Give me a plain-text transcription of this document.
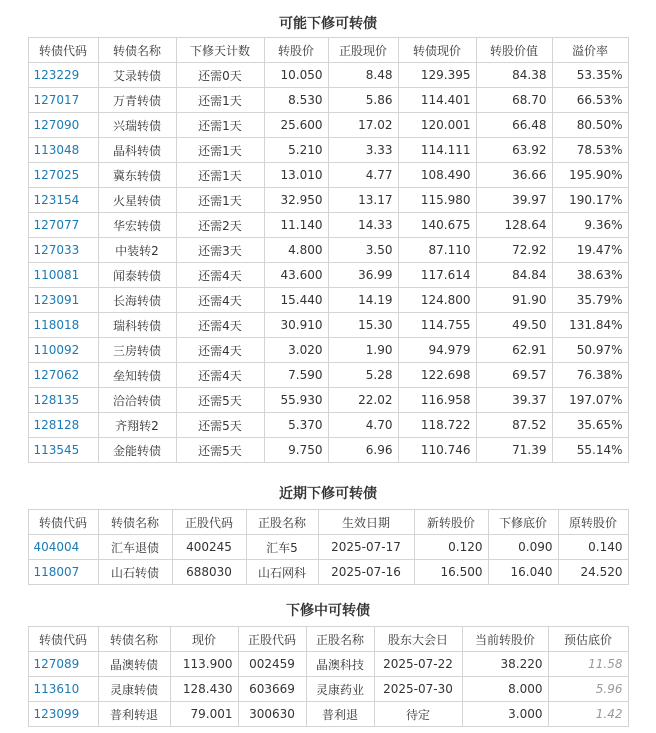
可能下修可转债
转债代码	转债名称	下修天计数	转股价	正股现价	转债现价	转股价值	溢价率
123229	艾录转债	还需0天	10.050	8.48	129.395	84.38	53.35%
127017	万青转债	还需1天	8.530	5.86	114.401	68.70	66.53%
127090	兴瑞转债	还需1天	25.600	17.02	120.001	66.48	80.50%
113048	晶科转债	还需1天	5.210	3.33	114.111	63.92	78.53%
127025	冀东转债	还需1天	13.010	4.77	108.490	36.66	195.90%
123154	火星转债	还需1天	32.950	13.17	115.980	39.97	190.17%
127077	华宏转债	还需2天	11.140	14.33	140.675	128.64	9.36%
127033	中装转2	还需3天	4.800	3.50	87.110	72.92	19.47%
110081	闻泰转债	还需4天	43.600	36.99	117.614	84.84	38.63%
123091	长海转债	还需4天	15.440	14.19	124.800	91.90	35.79%
118018	瑞科转债	还需4天	30.910	15.30	114.755	49.50	131.84%
110092	三房转债	还需4天	3.020	1.90	94.979	62.91	50.97%
127062	垒知转债	还需4天	7.590	5.28	122.698	69.57	76.38%
128135	洽洽转债	还需5天	55.930	22.02	116.958	39.37	197.07%
128128	齐翔转2	还需5天	5.370	4.70	118.722	87.52	35.65%
113545	金能转债	还需5天	9.750	6.96	110.746	71.39	55.14%
近期下修可转债
转债代码	转债名称	正股代码	正股名称	生效日期	新转股价	下修底价	原转股价
404004	汇车退债	400245	汇车5	2025-07-17	0.120	0.090	0.140
118007	山石转债	688030	山石网科	2025-07-16	16.500	16.040	24.520
下修中可转债
转债代码	转债名称	现价	正股代码	正股名称	股东大会日	当前转股价	预估底价
127089	晶澳转债	113.900	002459	晶澳科技	2025-07-22	38.220	11.58
113610	灵康转债	128.430	603669	灵康药业	2025-07-30	8.000	5.96
123099	普利转退	79.001	300630	普利退	待定	3.000	1.42
